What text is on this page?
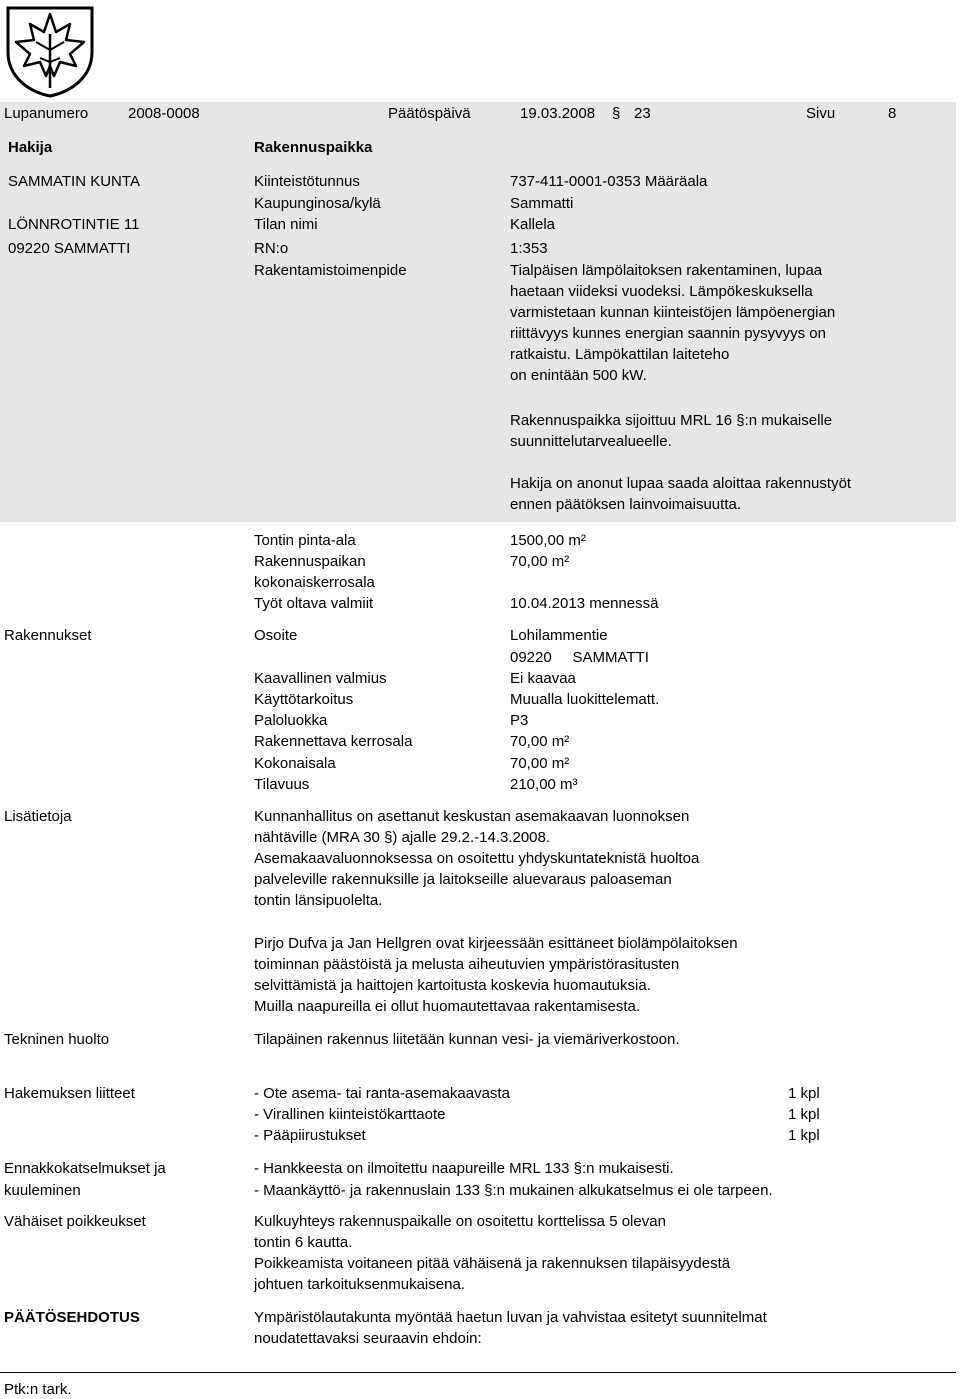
SAMMATTI
Ympäristölautakunta
PÖYTÄKIRJA
Tilapäinen lupa
Lupanumero	2008-0008	Päätöspäivä	19.03.2008 § 23	Sivu	8
Hakija	Rakennuspaikka
SAMMATIN KUNTA
LÖNNROTINTIE 11
09220 SAMMATTI
Kiinteistötunnus	737-411-0001-0353 Määräala
Kaupunginosa/kylä	Sammatti
Tilan nimi	Kallela
RN:o	1:353
Rakentamistoimenpide	Tialpäisen lämpölaitoksen rakentaminen, lupaa
haetaan viideksi vuodeksi. Lämpökeskuksella
varmistetaan kunnan kiinteistöjen lämpöenergian
riittävyys kunnes energian saannin pysyvyys on
ratkaistu. Lämpökattilan laiteteho
on enintään 500 kW.
Rakennuspaikka sijoittuu MRL 16 §:n mukaiselle
suunnittelutarvealueelle.
Hakija on anonut lupaa saada aloittaa rakennustyöt
ennen päätöksen lainvoimaisuutta.
Tontin pinta-ala	1500,00 m²
Rakennuspaikan	70,00 m²
kokonaiskerrosala
Työt oltava valmiit	10.04.2013 mennessä
Rakennukset	Osoite	Lohilammentie
09220     SAMMATTI
Kaavallinen valmius	Ei kaavaa
Käyttötarkoitus	Muualla luokittelematt.
Paloluokka	P3
Rakennettava kerrosala	70,00 m²
Kokonaisala	70,00 m²
Tilavuus	210,00 m³
Lisätietoja	Kunnanhallitus on asettanut keskustan asemakaavan luonnoksen
nähtäville (MRA 30 §) ajalle 29.2.-14.3.2008.
Asemakaavaluonnoksessa on osoitettu yhdyskuntateknistä huoltoa
palveleville rakennuksille ja laitokseille aluevaraus paloaseman
tontin länsipuolelta.
Pirjo Dufva ja Jan Hellgren ovat kirjeessään esittäneet biolämpölaitoksen
toiminnan päästöistä ja melusta aiheutuvien ympäristörasitusten
selvittämistä ja haittojen kartoitusta koskevia huomautuksia.
Muilla naapureilla ei ollut huomautettavaa rakentamisesta.
Tekninen huolto	Tilapäinen rakennus liitetään kunnan vesi- ja viemäriverkostoon.
Hakemuksen liitteet	- Ote asema- tai ranta-asemakaavasta	1 kpl
- Virallinen kiinteistökarttaote	1 kpl
- Pääpiirustukset	1 kpl
Ennakkokatselmukset ja
kuuleminen
- Hankkeesta on ilmoitettu naapureille MRL 133 §:n mukaisesti.
- Maankäyttö- ja rakennuslain 133 §:n mukainen alkukatselmus ei ole tarpeen.
Vähäiset poikkeukset	Kulkuyhteys rakennuspaikalle on osoitettu korttelissa 5 olevan
tontin 6 kautta.
Poikkeamista voitaneen pitää vähäisenä ja rakennuksen tilapäisyydestä
johtuen tarkoituksenmukaisena.
PÄÄTÖSEHDOTUS	Ympäristölautakunta myöntää haetun luvan ja vahvistaa esitetyt suunnitelmat
noudatettavaksi seuraavin ehdoin:
Ptk:n tark.
